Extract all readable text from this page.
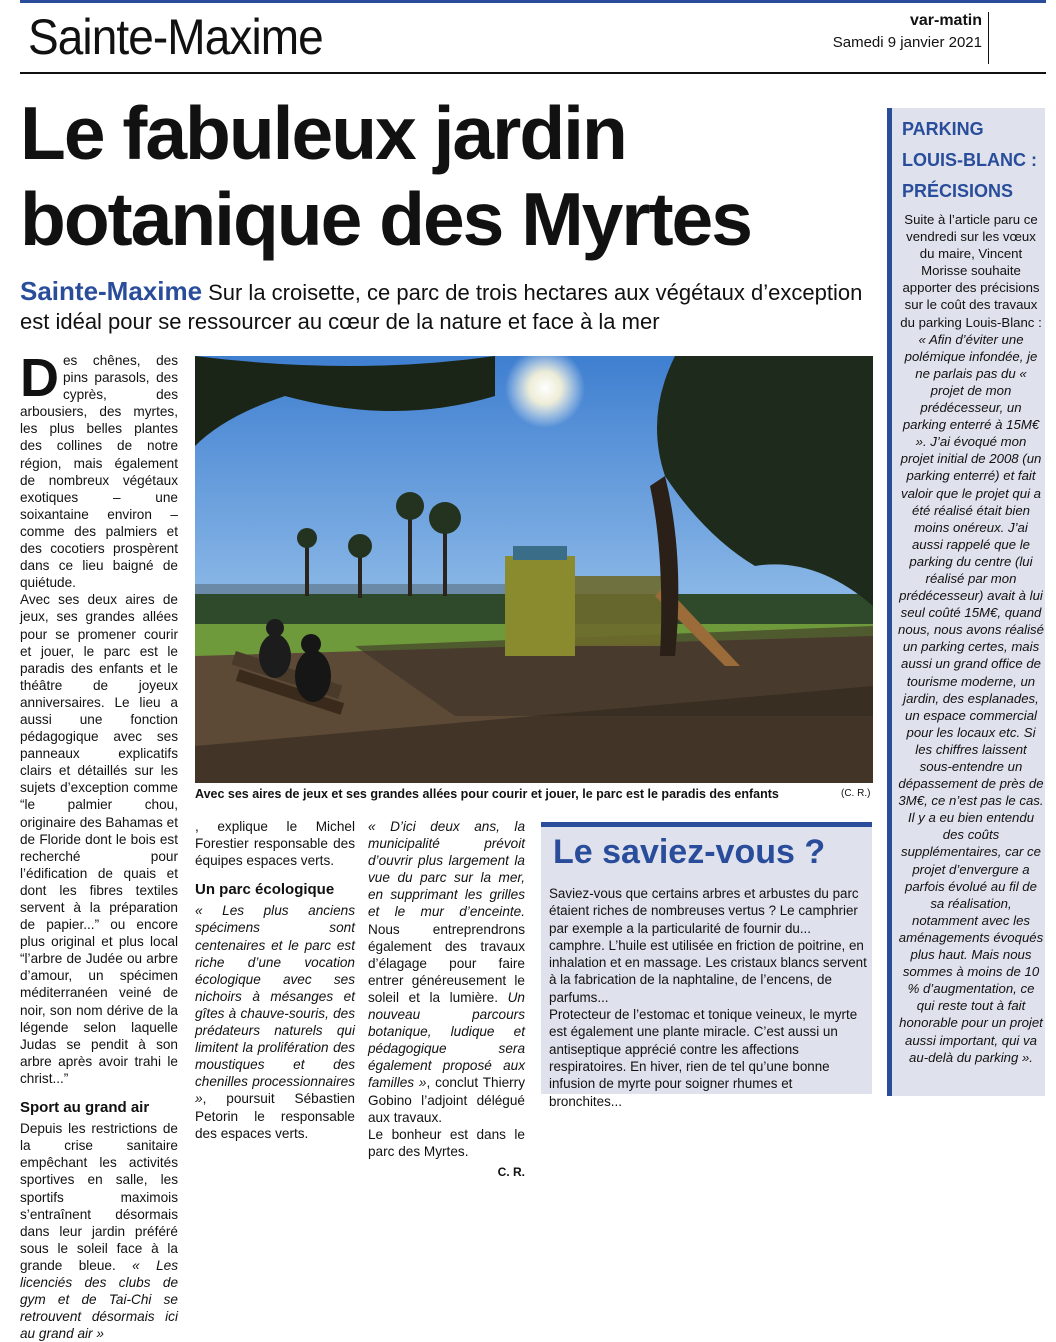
Sainte-Maxime	var-matin
Samedi 9 janvier 2021
Le fabuleux jardin
botanique des Myrtes
Sainte-Maxime Sur la croisette, ce parc de trois hectares aux végétaux d’exception est idéal pour se ressourcer au cœur de la nature et face à la mer

Des chênes, des pins parasols, des cyprès, des arbousiers, des myrtes, les plus belles plantes des collines de notre région, mais également de nombreux végétaux exotiques – une soixantaine environ – comme des palmiers et des cocotiers prospèrent dans ce lieu baigné de quiétude.

Avec ses deux aires de jeux, ses grandes allées pour se promener courir et jouer, le parc est le paradis des enfants et le théâtre de joyeux anniversaires. Le lieu a aussi une fonction pédagogique avec ses panneaux explicatifs clairs et détaillés sur les sujets d’exception comme “le palmier chou, originaire des Bahamas et de Floride dont le bois est recherché pour l’édification de quais et dont les fibres textiles servent à la préparation de papier...” ou encore plus original et plus local “l’arbre de Judée ou arbre d’amour, un spécimen méditerranéen veiné de noir, son nom dérive de la légende selon laquelle Judas se pendit à son arbre après avoir trahi le christ...”

Sport au grand air

Depuis les restrictions de la crise sanitaire empêchant les activités sportives en salle, les sportifs maximois s’entraînent désormais dans leur jardin préféré sous le soleil face à la grande bleue. « Les licenciés des clubs de gym et de Tai-Chi se retrouvent désormais ici au grand air »

, explique le Michel Forestier responsable des équipes espaces verts.

Un parc écologique

« Les plus anciens spécimens sont centenaires et le parc est riche d’une vocation écologique avec ses nichoirs à mésanges et gîtes à chauve-souris, des prédateurs naturels qui limitent la prolifération des moustiques et des chenilles processionnaires », poursuit Sébastien Petorin le responsable des espaces verts.

« D’ici deux ans, la municipalité prévoit d’ouvrir plus largement la vue du parc sur la mer, en supprimant les grilles et le mur d’enceinte. Nous entreprendrons également des travaux d’élagage pour faire entrer généreusement le soleil et la lumière. Un nouveau parcours botanique, ludique et pédagogique sera également proposé aux familles », conclut Thierry Gobino l’adjoint délégué aux travaux.

Le bonheur est dans le parc des Myrtes.

C. R.
Avec ses aires de jeux et ses grandes allées pour courir et jouer, le parc est le paradis des enfants	(C. R.)
Le saviez-vous ?

Saviez-vous que certains arbres et arbustes du parc étaient riches de nombreuses vertus ? Le camphrier par exemple a la particularité de fournir du... camphre. L’huile est utilisée en friction de poitrine, en inhalation et en massage. Les cristaux blancs servent à la fabrication de la naphtaline, de l’encens, de parfums...

Protecteur de l’estomac et tonique veineux, le myrte est également une plante miracle. C’est aussi un antiseptique apprécié contre les affections respiratoires. En hiver, rien de tel qu’une bonne infusion de myrte pour soigner rhumes et bronchites...

PARKING LOUIS-BLANC : PRÉCISIONS

Suite à l’article paru ce vendredi sur les vœux du maire, Vincent Morisse souhaite apporter des précisions sur le coût des travaux du parking Louis-Blanc :

« Afin d’éviter une polémique infondée, je ne parlais pas du « projet de mon prédécesseur, un parking enterré à 15M€ ». J’ai évoqué mon projet initial de 2008 (un parking enterré) et fait valoir que le projet qui a été réalisé était bien moins onéreux. J’ai aussi rappelé que le parking du centre (lui réalisé par mon prédécesseur) avait à lui seul coûté 15M€, quand nous, nous avons réalisé un parking certes, mais aussi un grand office de tourisme moderne, un jardin, des esplanades, un espace commercial pour les locaux etc. Si les chiffres laissent sous-entendre un dépassement de près de 3M€, ce n’est pas le cas. Il y a eu bien entendu des coûts supplémentaires, car ce projet d’envergure a parfois évolué au fil de sa réalisation, notamment avec les aménagements évoqués plus haut. Mais nous sommes à moins de 10 % d’augmentation, ce qui reste tout à fait honorable pour un projet aussi important, qui va au-delà du parking ».
